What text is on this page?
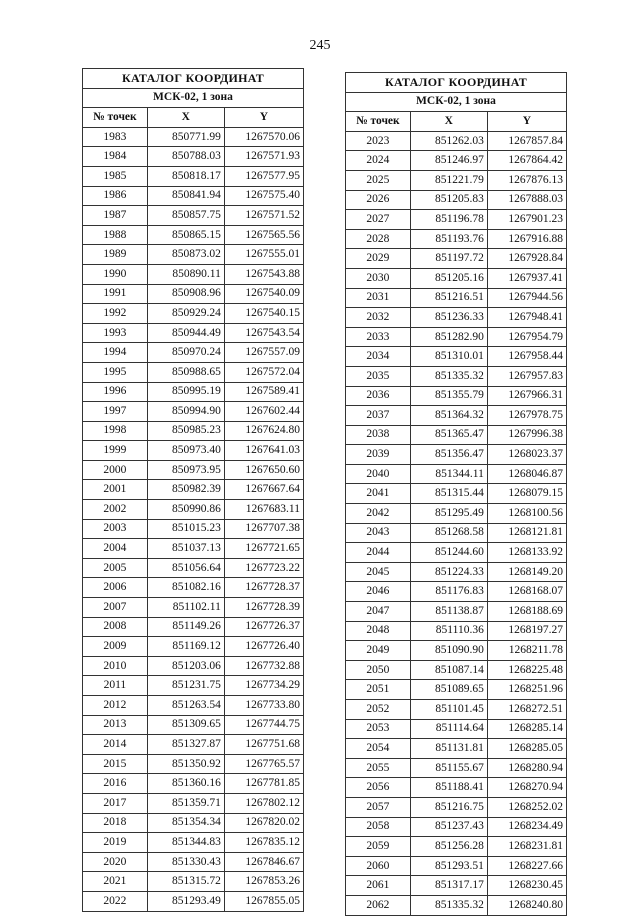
245
КАТАЛОГ КООРДИНАТ		
МСК-02, 1 зона		
№ точек	X	Y
1983	850771.99	1267570.06
1984	850788.03	1267571.93
1985	850818.17	1267577.95
1986	850841.94	1267575.40
1987	850857.75	1267571.52
1988	850865.15	1267565.56
1989	850873.02	1267555.01
1990	850890.11	1267543.88
1991	850908.96	1267540.09
1992	850929.24	1267540.15
1993	850944.49	1267543.54
1994	850970.24	1267557.09
1995	850988.65	1267572.04
1996	850995.19	1267589.41
1997	850994.90	1267602.44
1998	850985.23	1267624.80
1999	850973.40	1267641.03
2000	850973.95	1267650.60
2001	850982.39	1267667.64
2002	850990.86	1267683.11
2003	851015.23	1267707.38
2004	851037.13	1267721.65
2005	851056.64	1267723.22
2006	851082.16	1267728.37
2007	851102.11	1267728.39
2008	851149.26	1267726.37
2009	851169.12	1267726.40
2010	851203.06	1267732.88
2011	851231.75	1267734.29
2012	851263.54	1267733.80
2013	851309.65	1267744.75
2014	851327.87	1267751.68
2015	851350.92	1267765.57
2016	851360.16	1267781.85
2017	851359.71	1267802.12
2018	851354.34	1267820.02
2019	851344.83	1267835.12
2020	851330.43	1267846.67
2021	851315.72	1267853.26
2022	851293.49	1267855.05
КАТАЛОГ КООРДИНАТ		
МСК-02, 1 зона		
№ точек	X	Y
2023	851262.03	1267857.84
2024	851246.97	1267864.42
2025	851221.79	1267876.13
2026	851205.83	1267888.03
2027	851196.78	1267901.23
2028	851193.76	1267916.88
2029	851197.72	1267928.84
2030	851205.16	1267937.41
2031	851216.51	1267944.56
2032	851236.33	1267948.41
2033	851282.90	1267954.79
2034	851310.01	1267958.44
2035	851335.32	1267957.83
2036	851355.79	1267966.31
2037	851364.32	1267978.75
2038	851365.47	1267996.38
2039	851356.47	1268023.37
2040	851344.11	1268046.87
2041	851315.44	1268079.15
2042	851295.49	1268100.56
2043	851268.58	1268121.81
2044	851244.60	1268133.92
2045	851224.33	1268149.20
2046	851176.83	1268168.07
2047	851138.87	1268188.69
2048	851110.36	1268197.27
2049	851090.90	1268211.78
2050	851087.14	1268225.48
2051	851089.65	1268251.96
2052	851101.45	1268272.51
2053	851114.64	1268285.14
2054	851131.81	1268285.05
2055	851155.67	1268280.94
2056	851188.41	1268270.94
2057	851216.75	1268252.02
2058	851237.43	1268234.49
2059	851256.28	1268231.81
2060	851293.51	1268227.66
2061	851317.17	1268230.45
2062	851335.32	1268240.80
